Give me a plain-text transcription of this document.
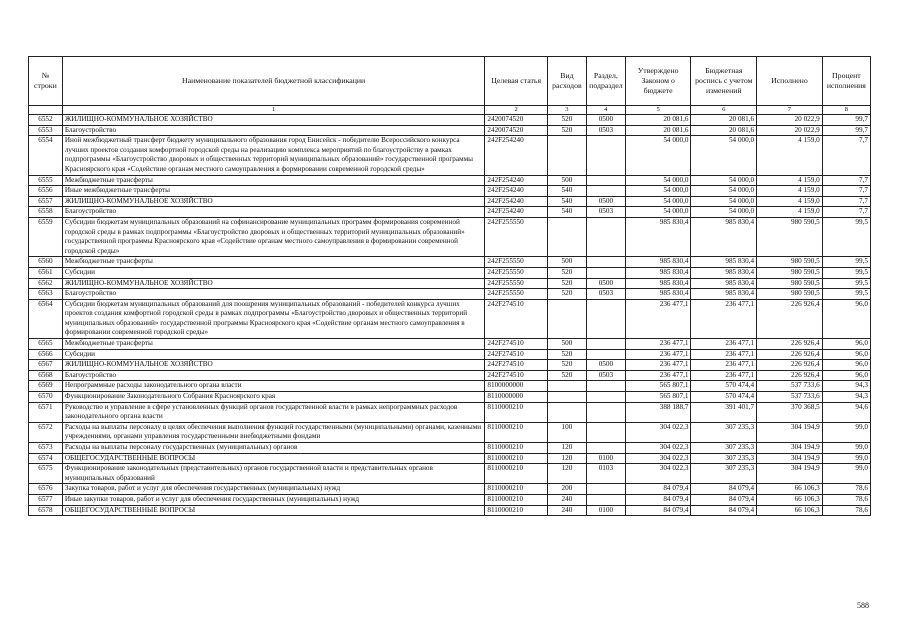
№ строки	Наименование показателей бюджетной классификации	Целевая статья	Вид расходов	Раздел, подраздел	Утверждено Законом о бюджете	Бюджетная роспись с учетом изменений	Исполнено	Процент исполнения
	1	2	3	4	5	6	7	8
6552	ЖИЛИЩНО-КОММУНАЛЬНОЕ ХОЗЯЙСТВО	2420074520	520	0500	20 081,6	20 081,6	20 022,9	99,7
6553	Благоустройство	2420074520	520	0503	20 081,6	20 081,6	20 022,9	99,7
6554	Иной межбюджетный трансферт бюджету муниципального образования город Енисейск - победителю Всероссийского конкурса лучших проектов создания комфортной городской среды на реализацию комплекса мероприятий по благоустройству в рамках подпрограммы «Благоустройство дворовых и общественных территорий муниципальных образований» государственной программы Красноярского края «Содействие органам местного самоуправления в формировании современной городской среды»	242F254240			54 000,0	54 000,0	4 159,0	7,7
6555	Межбюджетные трансферты	242F254240	500		54 000,0	54 000,0	4 159,0	7,7
6556	Иные межбюджетные трансферты	242F254240	540		54 000,0	54 000,0	4 159,0	7,7
6557	ЖИЛИЩНО-КОММУНАЛЬНОЕ ХОЗЯЙСТВО	242F254240	540	0500	54 000,0	54 000,0	4 159,0	7,7
6558	Благоустройство	242F254240	540	0503	54 000,0	54 000,0	4 159,0	7,7
6559	Субсидии бюджетам муниципальных образований на софинансирование муниципальных программ формирования современной городской среды в рамках подпрограммы «Благоустройство дворовых и общественных территорий муниципальных образований» государственной программы Красноярского края «Содействие органам местного самоуправления в формировании современной городской среды»	242F255550			985 830,4	985 830,4	980 590,5	99,5
6560	Межбюджетные трансферты	242F255550	500		985 830,4	985 830,4	980 590,5	99,5
6561	Субсидии	242F255550	520		985 830,4	985 830,4	980 590,5	99,5
6562	ЖИЛИЩНО-КОММУНАЛЬНОЕ ХОЗЯЙСТВО	242F255550	520	0500	985 830,4	985 830,4	980 590,5	99,5
6563	Благоустройство	242F255550	520	0503	985 830,4	985 830,4	980 590,5	99,5
6564	Субсидии бюджетам муниципальных образований для поощрения муниципальных образований - победителей конкурса лучших проектов создания комфортной городской среды в рамках подпрограммы «Благоустройство дворовых и общественных территорий муниципальных образований» государственной программы Красноярского края «Содействие органам местного самоуправления в формировании современной городской среды»	242F274510			236 477,1	236 477,1	226 926,4	96,0
6565	Межбюджетные трансферты	242F274510	500		236 477,1	236 477,1	226 926,4	96,0
6566	Субсидии	242F274510	520		236 477,1	236 477,1	226 926,4	96,0
6567	ЖИЛИЩНО-КОММУНАЛЬНОЕ ХОЗЯЙСТВО	242F274510	520	0500	236 477,1	236 477,1	226 926,4	96,0
6568	Благоустройство	242F274510	520	0503	236 477,1	236 477,1	226 926,4	96,0
6569	Непрограммные расходы законодательного органа власти	8100000000			565 807,1	570 474,4	537 733,6	94,3
6570	Функционирование Законодательного Собрания Красноярского края	8110000000			565 807,1	570 474,4	537 733,6	94,3
6571	Руководство и управление в сфере установленных функций органов государственной власти в рамках непрограммных расходов законодательного органа власти	8110000210			388 188,7	391 401,7	370 368,5	94,6
6572	Расходы на выплаты персоналу в целях обеспечения выполнения функций государственными (муниципальными) органами, казенными учреждениями, органами управления государственными внебюджетными фондами	8110000210	100		304 022,3	307 235,3	304 194,9	99,0
6573	Расходы на выплаты персоналу государственных (муниципальных) органов	8110000210	120		304 022,3	307 235,3	304 194,9	99,0
6574	ОБЩЕГОСУДАРСТВЕННЫЕ ВОПРОСЫ	8110000210	120	0100	304 022,3	307 235,3	304 194,9	99,0
6575	Функционирование законодательных (представительных) органов государственной власти и представительных органов муниципальных образований	8110000210	120	0103	304 022,3	307 235,3	304 194,9	99,0
6576	Закупка товаров, работ и услуг для обеспечения государственных (муниципальных) нужд	8110000210	200		84 079,4	84 079,4	66 106,3	78,6
6577	Иные закупки товаров, работ и услуг для обеспечения государственных (муниципальных) нужд	8110000210	240		84 079,4	84 079,4	66 106,3	78,6
6578	ОБЩЕГОСУДАРСТВЕННЫЕ ВОПРОСЫ	8110000210	240	0100	84 079,4	84 079,4	66 106,3	78,6
588
